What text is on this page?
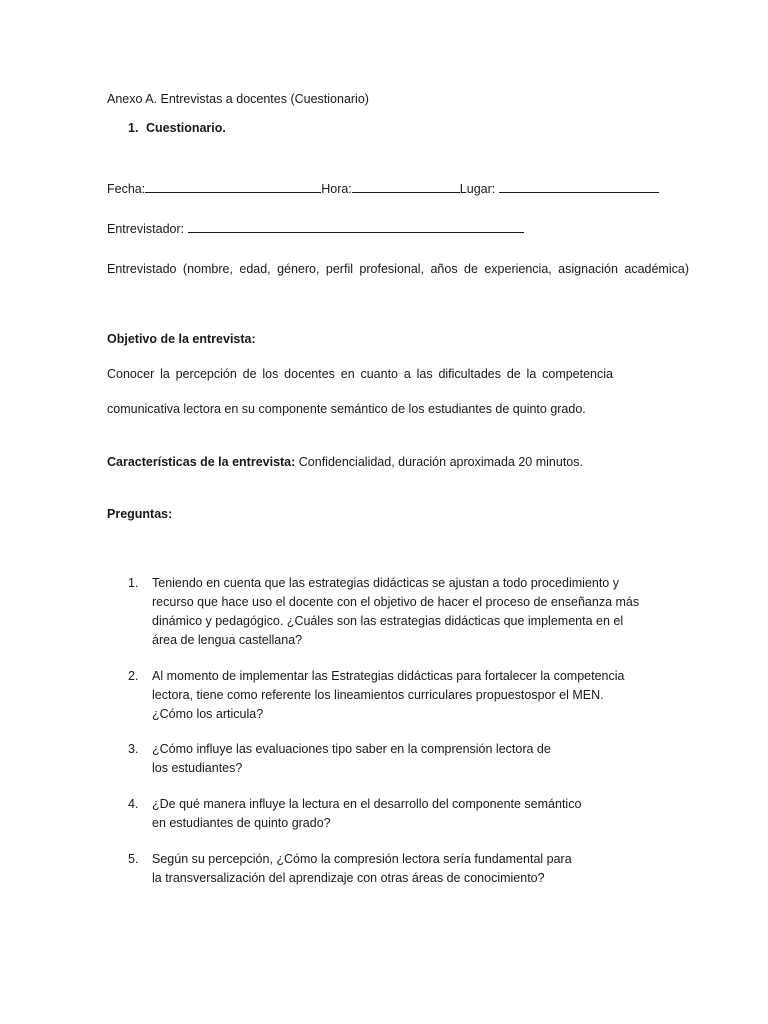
Anexo A. Entrevistas a docentes (Cuestionario)
1. Cuestionario.
Fecha:	Hora:	Lugar:
Entrevistador:
Entrevistado (nombre, edad, género, perfil profesional, años de experiencia, asignación académica)
Objetivo de la entrevista:
Conocer la percepción de los docentes en cuanto a las dificultades de la competencia
comunicativa lectora en su componente semántico de los estudiantes de quinto grado.
Características de la entrevista: Confidencialidad, duración aproximada 20 minutos.
Preguntas:
1.	Teniendo en cuenta que las estrategias didácticas se ajustan a todo procedimiento y
recurso que hace uso el docente con el objetivo de hacer el proceso de enseñanza más
dinámico y pedagógico. ¿Cuáles son las estrategias didácticas que implementa en el
área de lengua castellana?
2.	Al momento de implementar las Estrategias didácticas para fortalecer la competencia
lectora, tiene como referente los lineamientos curriculares propuestospor el MEN.
¿Cómo los articula?
3.	¿Cómo influye las evaluaciones tipo saber en la comprensión lectora de
los estudiantes?
4.	¿De qué manera influye la lectura en el desarrollo del componente semántico
en estudiantes de quinto grado?
5.	Según su percepción, ¿Cómo la compresión lectora sería fundamental para
la transversalización del aprendizaje con otras áreas de conocimiento?
